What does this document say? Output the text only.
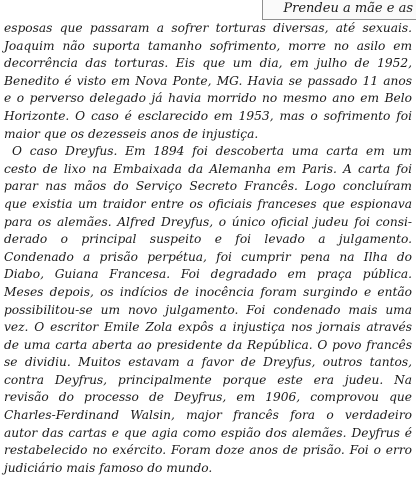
Prendeu a mãe e as
esposas que passaram a sofrer torturas diversas, até sexuais.
Joaquim não suporta tamanho sofrimento, morre no asilo em
decorrência das torturas. Eis que um dia, em julho de 1952,
Benedito é visto em Nova Ponte, MG. Havia se passado 11 anos
e o perverso delegado já havia morrido no mesmo ano em Belo
Horizonte. O caso é esclarecido em 1953, mas o sofrimento foi
maior que os dezesseis anos de injustiça.
O caso Dreyfus. Em 1894 foi descoberta uma carta em um
cesto de lixo na Embaixada da Alemanha em Paris. A carta foi
parar nas mãos do Serviço Secreto Francês. Logo concluíram
que existia um traidor entre os oficiais franceses que espionava
para os alemães. Alfred Dreyfus, o único oficial judeu foi consi-
derado o principal suspeito e foi levado a julgamento.
Condenado a prisão perpétua, foi cumprir pena na Ilha do
Diabo, Guiana Francesa. Foi degradado em praça pública.
Meses depois, os indícios de inocência foram surgindo e então
possibilitou-se um novo julgamento. Foi condenado mais uma
vez. O escritor Emile Zola expôs a injustiça nos jornais através
de uma carta aberta ao presidente da República. O povo francês
se dividiu. Muitos estavam a favor de Dreyfus, outros tantos,
contra Deyfrus, principalmente porque este era judeu. Na
revisão do processo de Deyfrus, em 1906, comprovou que
Charles-Ferdinand Walsin, major francês fora o verdadeiro
autor das cartas e que agia como espião dos alemães. Deyfrus é
restabelecido no exército. Foram doze anos de prisão. Foi o erro
judiciário mais famoso do mundo.
